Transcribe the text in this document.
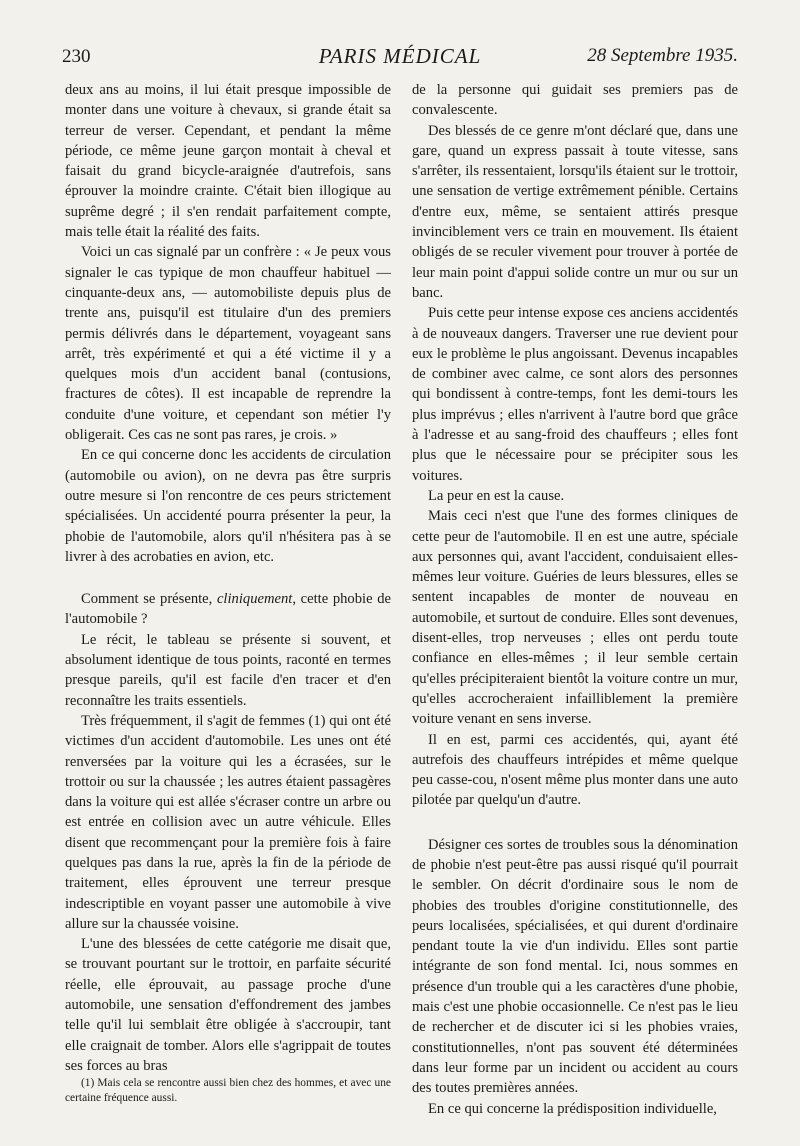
230	PARIS MÉDICAL	28 Septembre 1935.

deux ans au moins, il lui était presque impossible de monter dans une voiture à chevaux, si grande était sa terreur de verser. Cependant, et pendant la même période, ce même jeune garçon montait à cheval et faisait du grand bicycle-araignée d'autrefois, sans éprouver la moindre crainte. C'était bien illogique au suprême degré ; il s'en rendait parfaitement compte, mais telle était la réalité des faits.

Voici un cas signalé par un confrère : « Je peux vous signaler le cas typique de mon chauffeur habituel — cinquante-deux ans, — automobiliste depuis plus de trente ans, puisqu'il est titulaire d'un des premiers permis délivrés dans le département, voyageant sans arrêt, très expérimenté et qui a été victime il y a quelques mois d'un accident banal (contusions, fractures de côtes). Il est incapable de reprendre la conduite d'une voiture, et cependant son métier l'y obligerait. Ces cas ne sont pas rares, je crois. »

En ce qui concerne donc les accidents de circulation (automobile ou avion), on ne devra pas être surpris outre mesure si l'on rencontre de ces peurs strictement spécialisées. Un accidenté pourra présenter la peur, la phobie de l'automobile, alors qu'il n'hésitera pas à se livrer à des acrobaties en avion, etc.

Comment se présente, cliniquement, cette phobie de l'automobile ?

Le récit, le tableau se présente si souvent, et absolument identique de tous points, raconté en termes presque pareils, qu'il est facile d'en tracer et d'en reconnaître les traits essentiels.

Très fréquemment, il s'agit de femmes (1) qui ont été victimes d'un accident d'automobile. Les unes ont été renversées par la voiture qui les a écrasées, sur le trottoir ou sur la chaussée ; les autres étaient passagères dans la voiture qui est allée s'écraser contre un arbre ou est entrée en collision avec un autre véhicule. Elles disent que recommençant pour la première fois à faire quelques pas dans la rue, après la fin de la période de traitement, elles éprouvent une terreur presque indescriptible en voyant passer une automobile à vive allure sur la chaussée voisine.

L'une des blessées de cette catégorie me disait que, se trouvant pourtant sur le trottoir, en parfaite sécurité réelle, elle éprouvait, au passage proche d'une automobile, une sensation d'effondrement des jambes telle qu'il lui semblait être obligée à s'accroupir, tant elle craignait de tomber. Alors elle s'agrippait de toutes ses forces au bras

(1) Mais cela se rencontre aussi bien chez des hommes, et avec une certaine fréquence aussi.

de la personne qui guidait ses premiers pas de convalescente.

Des blessés de ce genre m'ont déclaré que, dans une gare, quand un express passait à toute vitesse, sans s'arrêter, ils ressentaient, lorsqu'ils étaient sur le trottoir, une sensation de vertige extrêmement pénible. Certains d'entre eux, même, se sentaient attirés presque invinciblement vers ce train en mouvement. Ils étaient obligés de se reculer vivement pour trouver à portée de leur main point d'appui solide contre un mur ou sur un banc.

Puis cette peur intense expose ces anciens accidentés à de nouveaux dangers. Traverser une rue devient pour eux le problème le plus angoissant. Devenus incapables de combiner avec calme, ce sont alors des personnes qui bondissent à contre-temps, font les demi-tours les plus imprévus ; elles n'arrivent à l'autre bord que grâce à l'adresse et au sang-froid des chauffeurs ; elles font plus que le nécessaire pour se précipiter sous les voitures.

La peur en est la cause.

Mais ceci n'est que l'une des formes cliniques de cette peur de l'automobile. Il en est une autre, spéciale aux personnes qui, avant l'accident, conduisaient elles-mêmes leur voiture. Guéries de leurs blessures, elles se sentent incapables de monter de nouveau en automobile, et surtout de conduire. Elles sont devenues, disent-elles, trop nerveuses ; elles ont perdu toute confiance en elles-mêmes ; il leur semble certain qu'elles précipiteraient bientôt la voiture contre un mur, qu'elles accrocheraient infailliblement la première voiture venant en sens inverse.

Il en est, parmi ces accidentés, qui, ayant été autrefois des chauffeurs intrépides et même quelque peu casse-cou, n'osent même plus monter dans une auto pilotée par quelqu'un d'autre.

Désigner ces sortes de troubles sous la dénomination de phobie n'est peut-être pas aussi risqué qu'il pourrait le sembler. On décrit d'ordinaire sous le nom de phobies des troubles d'origine constitutionnelle, des peurs localisées, spécialisées, et qui durent d'ordinaire pendant toute la vie d'un individu. Elles sont partie intégrante de son fond mental. Ici, nous sommes en présence d'un trouble qui a les caractères d'une phobie, mais c'est une phobie occasionnelle. Ce n'est pas le lieu de rechercher et de discuter ici si les phobies vraies, constitutionnelles, n'ont pas souvent été déterminées dans leur forme par un incident ou accident au cours des toutes premières années.

En ce qui concerne la prédisposition individuelle,
